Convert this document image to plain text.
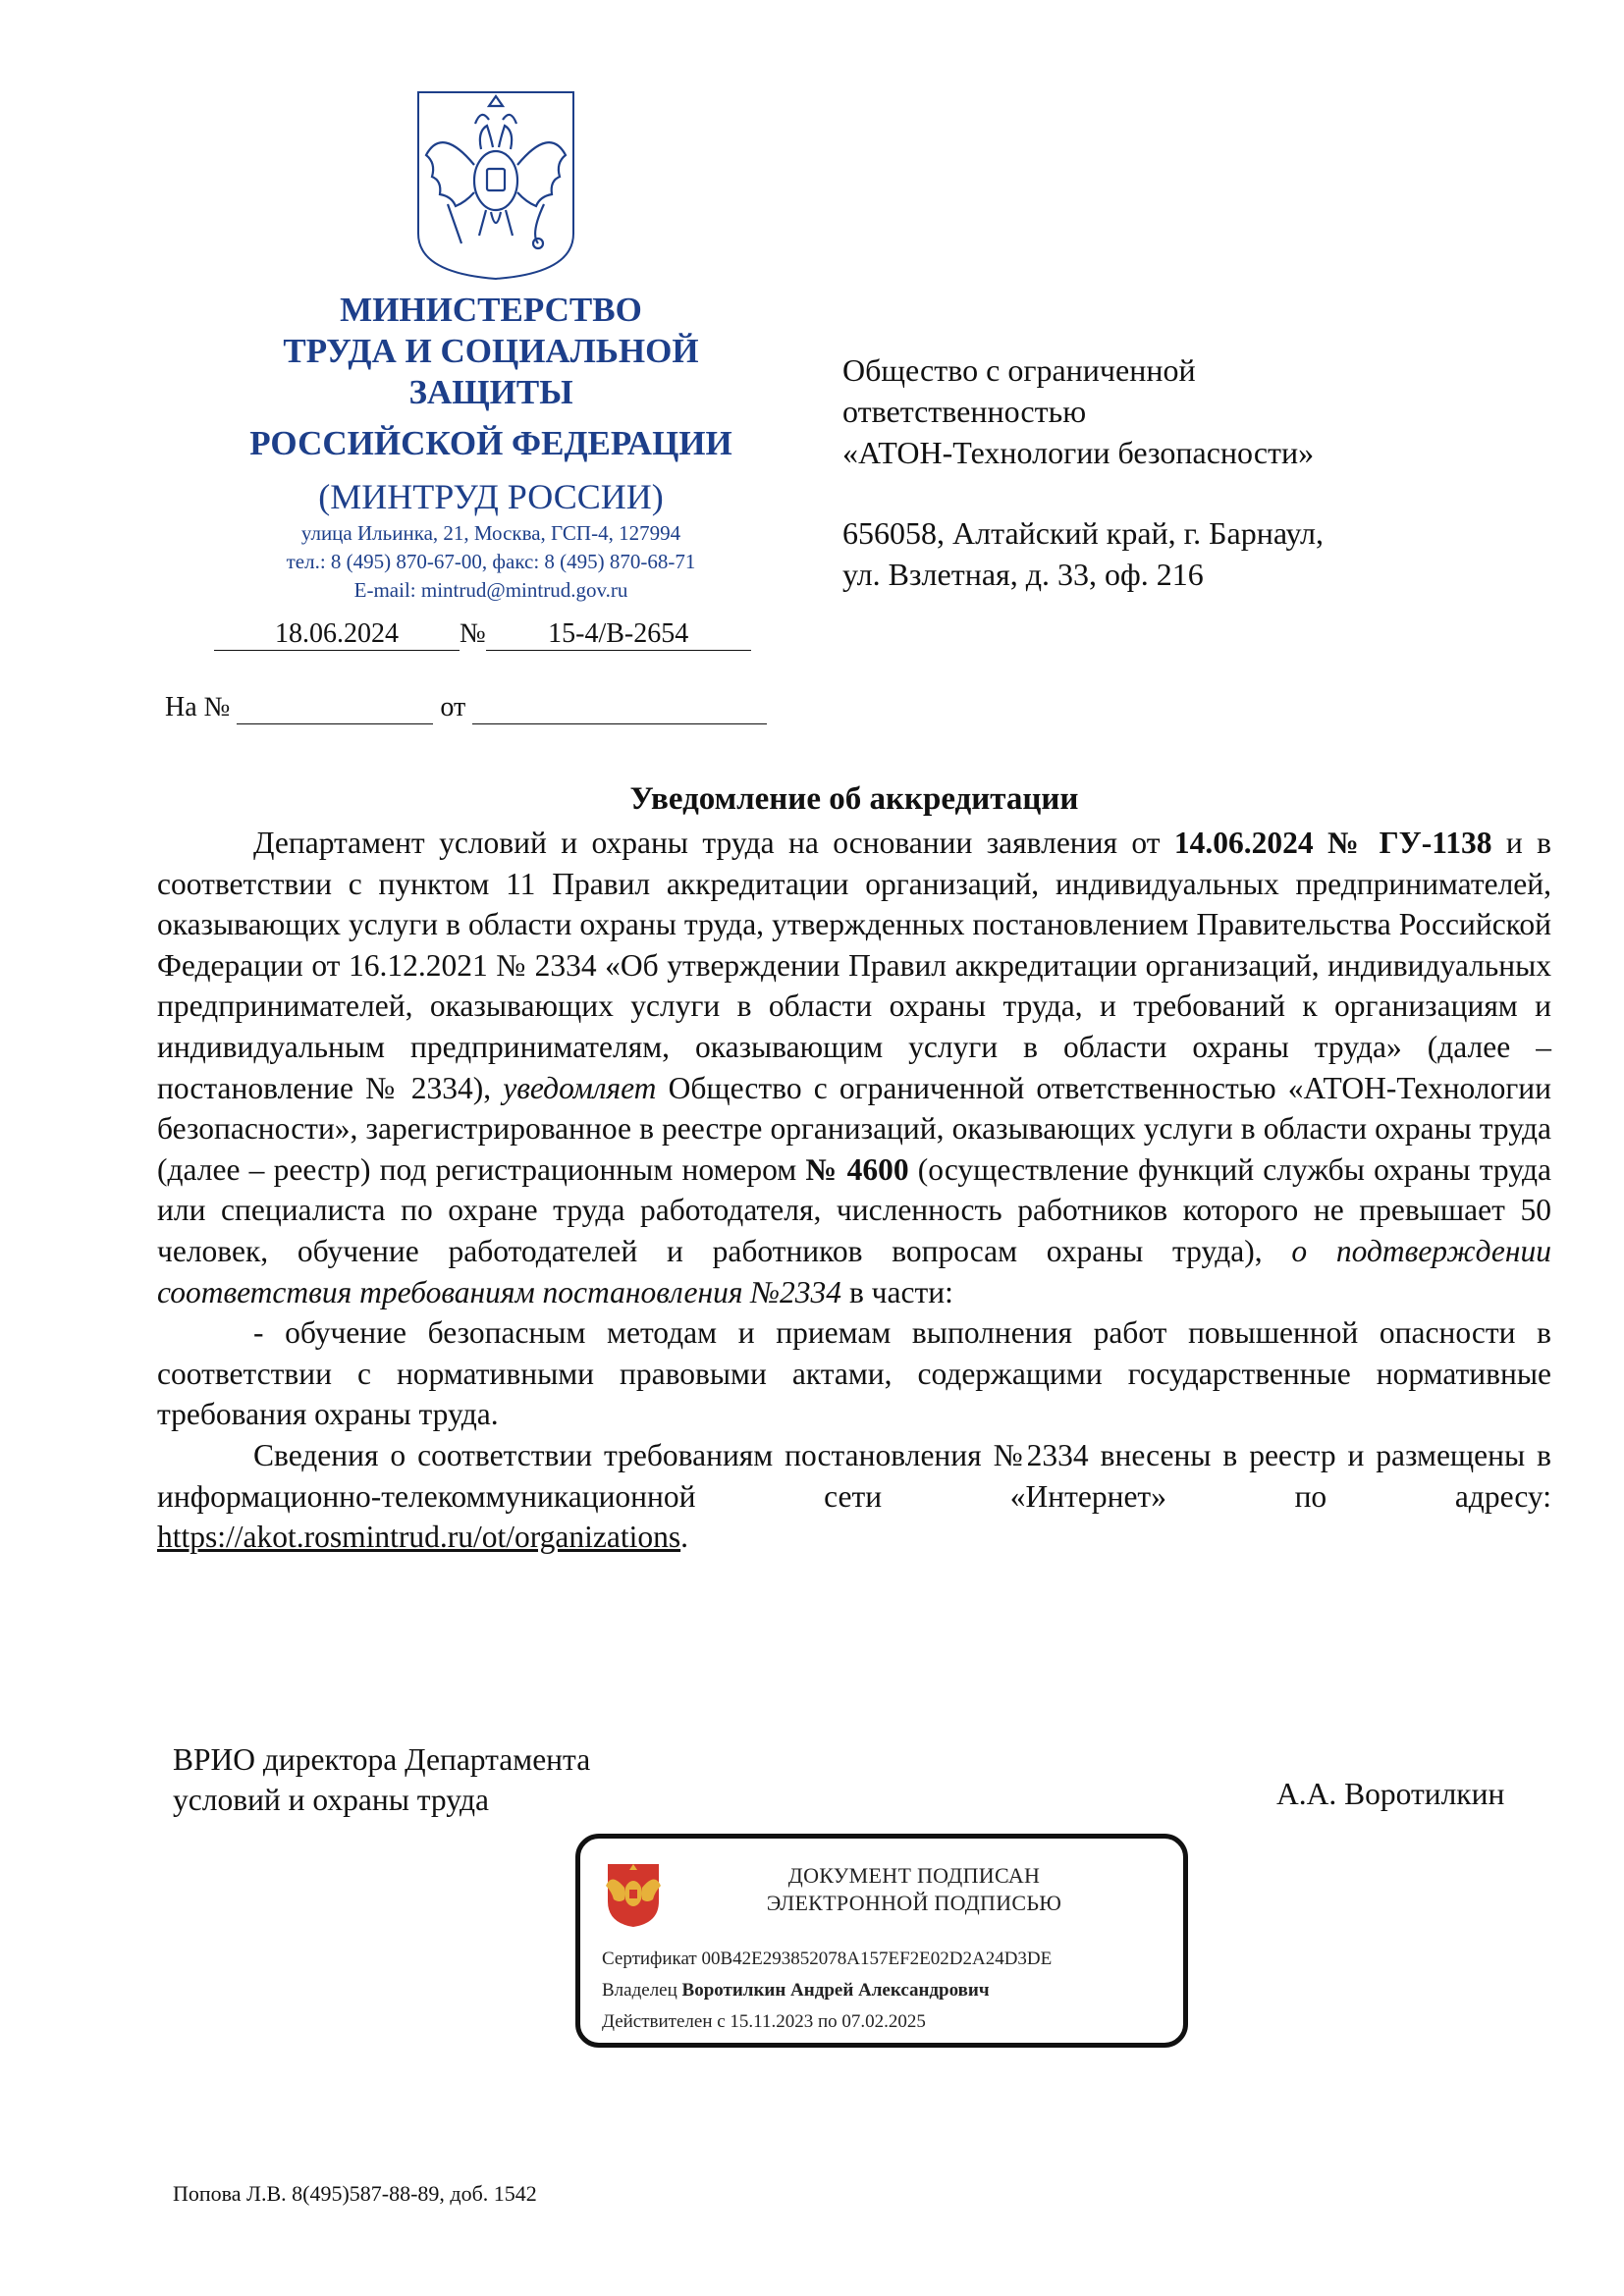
МИНИСТЕРСТВО
ТРУДА И СОЦИАЛЬНОЙ
ЗАЩИТЫ
РОССИЙСКОЙ ФЕДЕРАЦИИ
(МИНТРУД РОССИИ)
улица Ильинка, 21, Москва, ГСП-4, 127994
тел.: 8 (495) 870-67-00, факс: 8 (495) 870-68-71
E-mail: mintrud@mintrud.gov.ru
18.06.2024 № 15-4/В-2654
На №	от
Общество с ограниченной
ответственностью
«АТОН-Технологии безопасности»
656058, Алтайский край, г. Барнаул,
ул. Взлетная, д. 33, оф. 216
Уведомление об аккредитации

Департамент условий и охраны труда на основании заявления от 14.06.2024 № ГУ-1138 и в соответствии с пунктом 11 Правил аккредитации организаций, индивидуальных предпринимателей, оказывающих услуги в области охраны труда, утвержденных постановлением Правительства Российской Федерации от 16.12.2021 № 2334 «Об утверждении Правил аккредитации организаций, индивидуальных предпринимателей, оказывающих услуги в области охраны труда, и требований к организациям и индивидуальным предпринимателям, оказывающим услуги в области охраны труда» (далее – постановление № 2334), уведомляет Общество с ограниченной ответственностью «АТОН-Технологии безопасности», зарегистрированное в реестре организаций, оказывающих услуги в области охраны труда (далее – реестр) под регистрационным номером № 4600 (осуществление функций службы охраны труда или специалиста по охране труда работодателя, численность работников которого не превышает 50 человек, обучение работодателей и работников вопросам охраны труда), о подтверждении соответствия требованиям постановления №2334 в части:

- обучение безопасным методам и приемам выполнения работ повышенной опасности в соответствии с нормативными правовыми актами, содержащими государственные нормативные требования охраны труда.

Сведения о соответствии требованиям постановления №2334 внесены в реестр и размещены в информационно-телекоммуникационной сети «Интернет» по адресу: https://akot.rosmintrud.ru/ot/organizations.

ВРИО директора Департамента
условий и охраны труда	А.А. Воротилкин
ДОКУМЕНТ ПОДПИСАН
ЭЛЕКТРОННОЙ ПОДПИСЬЮ
Сертификат 00B42E293852078A157EF2E02D2A24D3DE
Владелец Воротилкин Андрей Александрович
Действителен с 15.11.2023 по 07.02.2025
Попова Л.В. 8(495)587-88-89, доб. 1542
